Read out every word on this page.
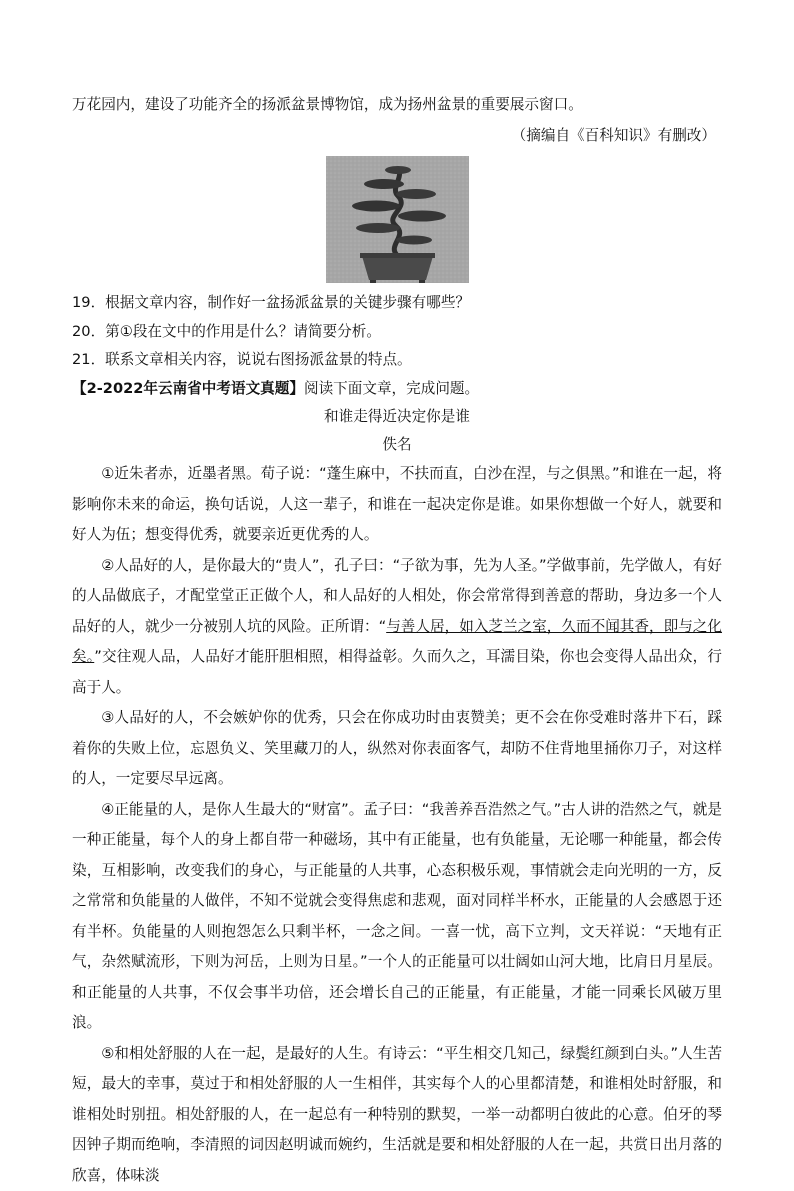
万花园内，建设了功能齐全的扬派盆景博物馆，成为扬州盆景的重要展示窗口。

（摘编自《百科知识》有删改）

19．根据文章内容，制作好一盆扬派盆景的关键步骤有哪些？

20．第①段在文中的作用是什么？请简要分析。

21．联系文章相关内容，说说右图扬派盆景的特点。

【2-2022年云南省中考语文真题】阅读下面文章，完成问题。

和谁走得近决定你是谁
佚名

①近朱者赤，近墨者黑。荀子说：“蓬生麻中，不扶而直，白沙在涅，与之俱黑。”和谁在一起，将影响你未来的命运，换句话说，人这一辈子，和谁在一起决定你是谁。如果你想做一个好人，就要和好人为伍；想变得优秀，就要亲近更优秀的人。

②人品好的人，是你最大的“贵人”，孔子曰：“子欲为事，先为人圣。”学做事前，先学做人，有好的人品做底子，才配堂堂正正做个人，和人品好的人相处，你会常常得到善意的帮助，身边多一个人品好的人，就少一分被别人坑的风险。正所谓：“与善人居，如入芝兰之室，久而不闻其香，即与之化矣。”交往观人品，人品好才能肝胆相照，相得益彰。久而久之，耳濡目染，你也会变得人品出众，行高于人。

③人品好的人，不会嫉妒你的优秀，只会在你成功时由衷赞美；更不会在你受难时落井下石，踩着你的失败上位，忘恩负义、笑里藏刀的人，纵然对你表面客气，却防不住背地里捅你刀子，对这样的人，一定要尽早远离。

④正能量的人，是你人生最大的“财富”。孟子曰：“我善养吾浩然之气。”古人讲的浩然之气，就是一种正能量，每个人的身上都自带一种磁场，其中有正能量，也有负能量，无论哪一种能量，都会传染，互相影响，改变我们的身心，与正能量的人共事，心态积极乐观，事情就会走向光明的一方，反之常常和负能量的人做伴，不知不觉就会变得焦虑和悲观，面对同样半杯水，正能量的人会感恩于还有半杯。负能量的人则抱怨怎么只剩半杯，一念之间。一喜一忧，高下立判，文天祥说：“天地有正气，杂然赋流形，下则为河岳，上则为日星。”一个人的正能量可以壮阔如山河大地，比肩日月星辰。和正能量的人共事，不仅会事半功倍，还会增长自己的正能量，有正能量，才能一同乘长风破万里浪。

⑤和相处舒服的人在一起，是最好的人生。有诗云：“平生相交几知己，绿鬓红颜到白头。”人生苦短，最大的幸事，莫过于和相处舒服的人一生相伴，其实每个人的心里都清楚，和谁相处时舒服，和谁相处时别扭。相处舒服的人，在一起总有一种特别的默契，一举一动都明白彼此的心意。伯牙的琴因钟子期而绝响，李清照的词因赵明诚而婉约，生活就是要和相处舒服的人在一起，共赏日出月落的欣喜，体味淡
